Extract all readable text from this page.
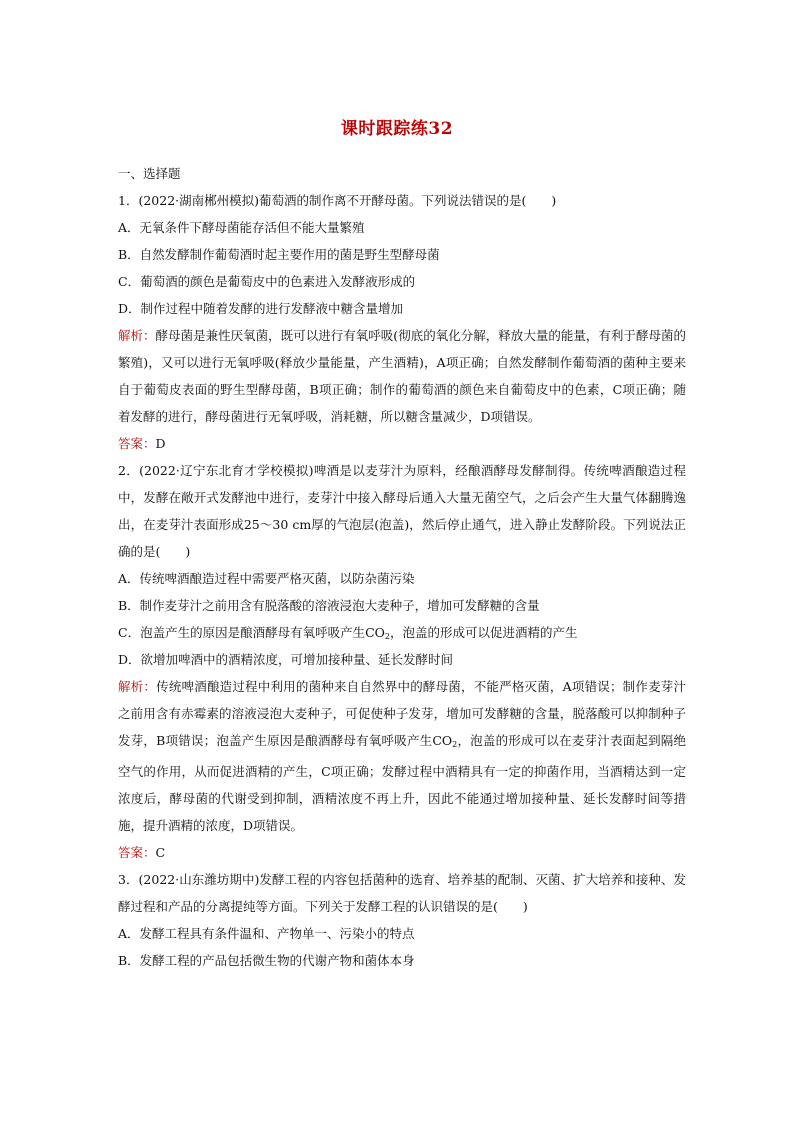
课时跟踪练32
一、选择题
1．(2022·湖南郴州模拟)葡萄酒的制作离不开酵母菌。下列说法错误的是(　　)
A．无氧条件下酵母菌能存活但不能大量繁殖
B．自然发酵制作葡萄酒时起主要作用的菌是野生型酵母菌
C．葡萄酒的颜色是葡萄皮中的色素进入发酵液形成的
D．制作过程中随着发酵的进行发酵液中糖含量增加

解析：酵母菌是兼性厌氧菌，既可以进行有氧呼吸(彻底的氧化分解，释放大量的能量，有利于酵母菌的繁殖)，又可以进行无氧呼吸(释放少量能量，产生酒精)，A项正确；自然发酵制作葡萄酒的菌种主要来自于葡萄皮表面的野生型酵母菌，B项正确；制作的葡萄酒的颜色来自葡萄皮中的色素，C项正确；随着发酵的进行，酵母菌进行无氧呼吸，消耗糖，所以糖含量减少，D项错误。

答案：D

2．(2022·辽宁东北育才学校模拟)啤酒是以麦芽汁为原料，经酿酒酵母发酵制得。传统啤酒酿造过程中，发酵在敞开式发酵池中进行，麦芽汁中接入酵母后通入大量无菌空气，之后会产生大量气体翻腾逸出，在麦芽汁表面形成25～30 cm厚的气泡层(泡盖)，然后停止通气，进入静止发酵阶段。下列说法正确的是(　　)

A．传统啤酒酿造过程中需要严格灭菌，以防杂菌污染
B．制作麦芽汁之前用含有脱落酸的溶液浸泡大麦种子，增加可发酵糖的含量
C．泡盖产生的原因是酿酒酵母有氧呼吸产生$CO_2$，泡盖的形成可以促进酒精的产生
D．欲增加啤酒中的酒精浓度，可增加接种量、延长发酵时间

解析：传统啤酒酿造过程中利用的菌种来自自然界中的酵母菌，不能严格灭菌，A项错误；制作麦芽汁之前用含有赤霉素的溶液浸泡大麦种子，可促使种子发芽，增加可发酵糖的含量，脱落酸可以抑制种子发芽，B项错误；泡盖产生原因是酿酒酵母有氧呼吸产生$CO_2$，泡盖的形成可以在麦芽汁表面起到隔绝空气的作用，从而促进酒精的产生，C项正确；发酵过程中酒精具有一定的抑菌作用，当酒精达到一定浓度后，酵母菌的代谢受到抑制，酒精浓度不再上升，因此不能通过增加接种量、延长发酵时间等措施，提升酒精的浓度，D项错误。

答案：C

3．(2022·山东潍坊期中)发酵工程的内容包括菌种的选育、培养基的配制、灭菌、扩大培养和接种、发酵过程和产品的分离提纯等方面。下列关于发酵工程的认识错误的是(　　)

A．发酵工程具有条件温和、产物单一、污染小的特点
B．发酵工程的产品包括微生物的代谢产物和菌体本身
